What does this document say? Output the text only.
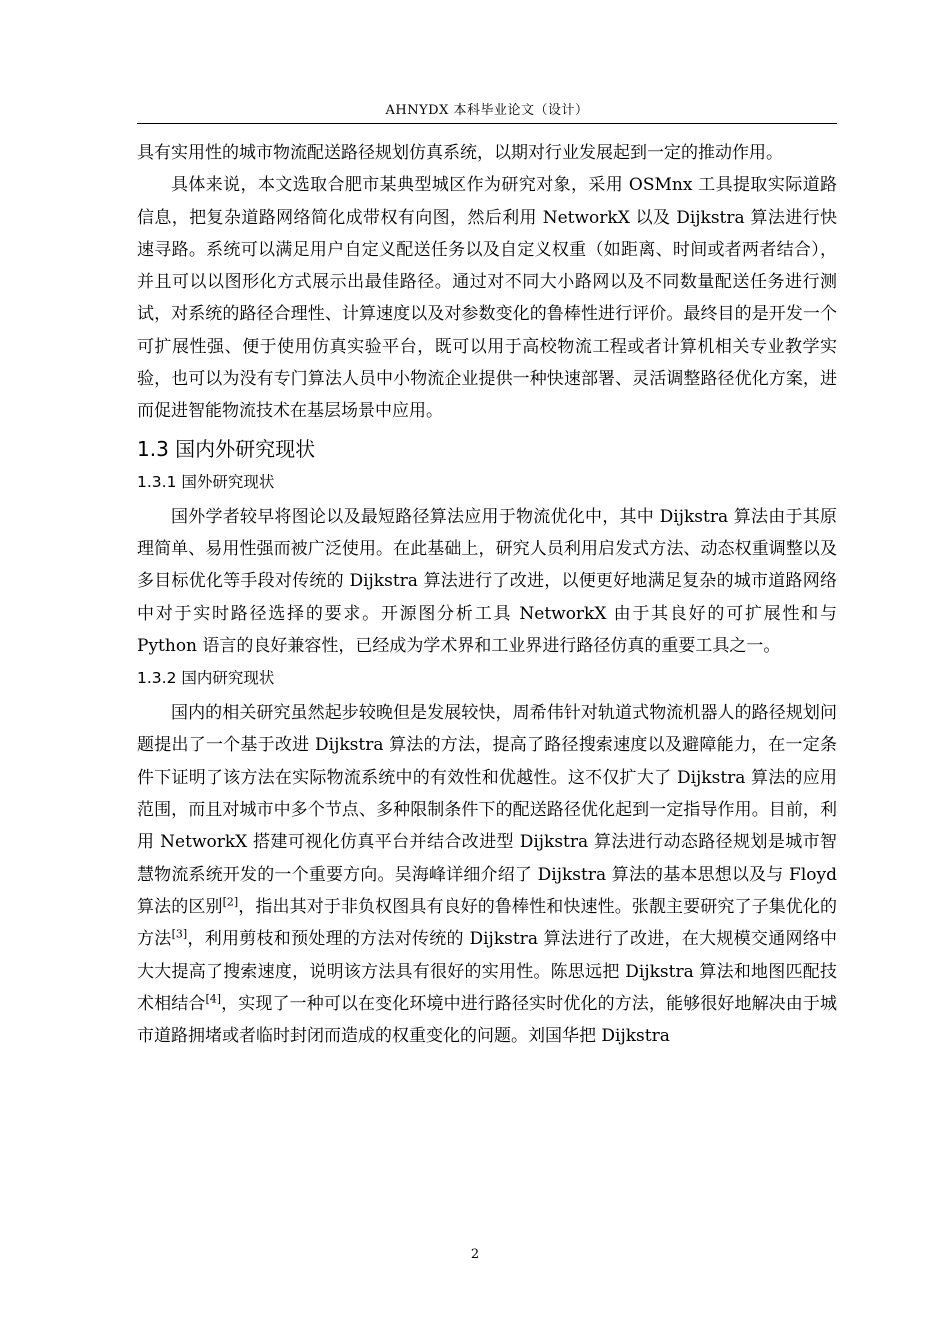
AHNYDX 本科毕业论文（设计）

具有实用性的城市物流配送路径规划仿真系统，以期对行业发展起到一定的推动作用。

具体来说，本文选取合肥市某典型城区作为研究对象，采用 OSMnx 工具提取实际道路信息，把复杂道路网络简化成带权有向图，然后利用 NetworkX 以及 Dijkstra 算法进行快速寻路。系统可以满足用户自定义配送任务以及自定义权重（如距离、时间或者两者结合），并且可以以图形化方式展示出最佳路径。通过对不同大小路网以及不同数量配送任务进行测试，对系统的路径合理性、计算速度以及对参数变化的鲁棒性进行评价。最终目的是开发一个可扩展性强、便于使用仿真实验平台，既可以用于高校物流工程或者计算机相关专业教学实验，也可以为没有专门算法人员中小物流企业提供一种快速部署、灵活调整路径优化方案，进而促进智能物流技术在基层场景中应用。

1.3 国内外研究现状
1.3.1 国外研究现状

国外学者较早将图论以及最短路径算法应用于物流优化中，其中 Dijkstra 算法由于其原理简单、易用性强而被广泛使用。在此基础上，研究人员利用启发式方法、动态权重调整以及多目标优化等手段对传统的 Dijkstra 算法进行了改进，以便更好地满足复杂的城市道路网络中对于实时路径选择的要求。开源图分析工具 NetworkX 由于其良好的可扩展性和与 Python 语言的良好兼容性，已经成为学术界和工业界进行路径仿真的重要工具之一。

1.3.2 国内研究现状

国内的相关研究虽然起步较晚但是发展较快，周希伟针对轨道式物流机器人的路径规划问题提出了一个基于改进 Dijkstra 算法的方法，提高了路径搜索速度以及避障能力，在一定条件下证明了该方法在实际物流系统中的有效性和优越性。这不仅扩大了 Dijkstra 算法的应用范围，而且对城市中多个节点、多种限制条件下的配送路径优化起到一定指导作用。目前，利用 NetworkX 搭建可视化仿真平台并结合改进型 Dijkstra 算法进行动态路径规划是城市智慧物流系统开发的一个重要方向。吴海峰详细介绍了 Dijkstra 算法的基本思想以及与 Floyd 算法的区别[2]，指出其对于非负权图具有良好的鲁棒性和快速性。张靓主要研究了子集优化的方法[3]，利用剪枝和预处理的方法对传统的 Dijkstra 算法进行了改进，在大规模交通网络中大大提高了搜索速度，说明该方法具有很好的实用性。陈思远把 Dijkstra 算法和地图匹配技术相结合[4]，实现了一种可以在变化环境中进行路径实时优化的方法，能够很好地解决由于城市道路拥堵或者临时封闭而造成的权重变化的问题。刘国华把 Dijkstra

2
